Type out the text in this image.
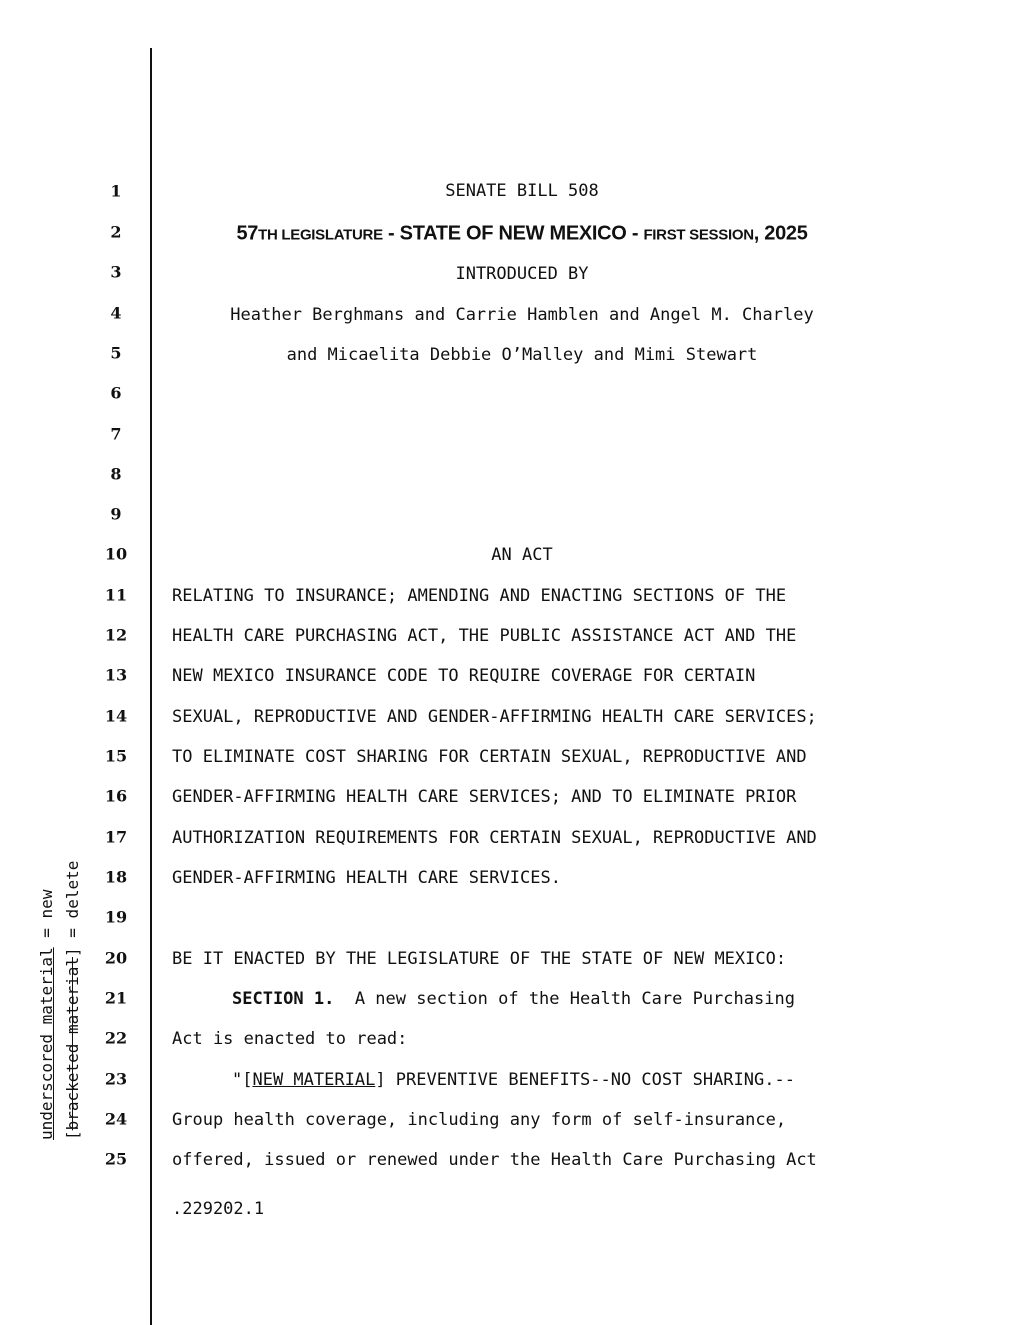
underscored material = new
[bracketed material] = delete
1
2
3
4
5
6
7
8
9
10
11
12
13
14
15
16
17
18
19
20
21
22
23
24
25
SENATE BILL 508
57TH LEGISLATURE - STATE OF NEW MEXICO - FIRST SESSION, 2025
INTRODUCED BY
Heather Berghmans and Carrie Hamblen and Angel M. Charley
and Micaelita Debbie O’Malley and Mimi Stewart
AN ACT
RELATING TO INSURANCE; AMENDING AND ENACTING SECTIONS OF THE
HEALTH CARE PURCHASING ACT, THE PUBLIC ASSISTANCE ACT AND THE
NEW MEXICO INSURANCE CODE TO REQUIRE COVERAGE FOR CERTAIN
SEXUAL, REPRODUCTIVE AND GENDER-AFFIRMING HEALTH CARE SERVICES;
TO ELIMINATE COST SHARING FOR CERTAIN SEXUAL, REPRODUCTIVE AND
GENDER-AFFIRMING HEALTH CARE SERVICES; AND TO ELIMINATE PRIOR
AUTHORIZATION REQUIREMENTS FOR CERTAIN SEXUAL, REPRODUCTIVE AND
GENDER-AFFIRMING HEALTH CARE SERVICES.
BE IT ENACTED BY THE LEGISLATURE OF THE STATE OF NEW MEXICO:
SECTION 1.  A new section of the Health Care Purchasing
Act is enacted to read:
"[NEW MATERIAL] PREVENTIVE BENEFITS--NO COST SHARING.--
Group health coverage, including any form of self-insurance,
offered, issued or renewed under the Health Care Purchasing Act
.229202.1
